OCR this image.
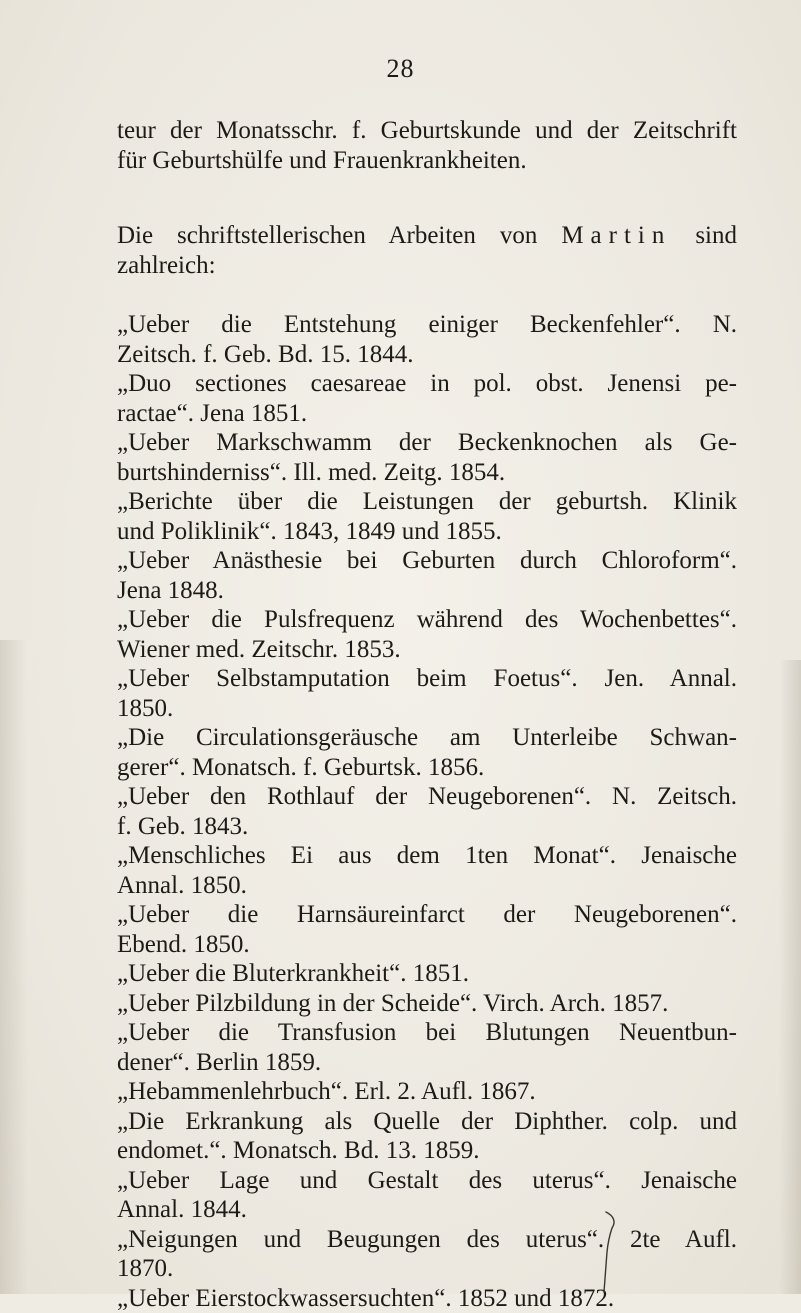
28
teur der Monatsschr. f. Geburtskunde und der Zeitschrift
für Geburtshülfe und Frauenkrankheiten.
Die schriftstellerischen Arbeiten von Martin sind
zahlreich:
„Ueber die Entstehung einiger Beckenfehler“. N.
Zeitsch. f. Geb. Bd. 15. 1844.
„Duo sectiones caesareae in pol. obst. Jenensi pe-
ractae“. Jena 1851.
„Ueber Markschwamm der Beckenknochen als Ge-
burtshinderniss“. Ill. med. Zeitg. 1854.
„Berichte über die Leistungen der geburtsh. Klinik
und Poliklinik“. 1843, 1849 und 1855.
„Ueber Anästhesie bei Geburten durch Chloroform“.
Jena 1848.
„Ueber die Pulsfrequenz während des Wochenbettes“.
Wiener med. Zeitschr. 1853.
„Ueber Selbstamputation beim Foetus“. Jen. Annal.
1850.
„Die Circulationsgeräusche am Unterleibe Schwan-
gerer“. Monatsch. f. Geburtsk. 1856.
„Ueber den Rothlauf der Neugeborenen“. N. Zeitsch.
f. Geb. 1843.
„Menschliches Ei aus dem 1ten Monat“. Jenaische
Annal. 1850.
„Ueber die Harnsäureinfarct der Neugeborenen“.
Ebend. 1850.
„Ueber die Bluterkrankheit“. 1851.
„Ueber Pilzbildung in der Scheide“. Virch. Arch. 1857.
„Ueber die Transfusion bei Blutungen Neuentbun-
dener“. Berlin 1859.
„Hebammenlehrbuch“. Erl. 2. Aufl. 1867.
„Die Erkrankung als Quelle der Diphther. colp. und
endomet.“. Monatsch. Bd. 13. 1859.
„Ueber Lage und Gestalt des uterus“. Jenaische
Annal. 1844.
„Neigungen und Beugungen des uterus“. 2te Aufl.
1870.
„Ueber Eierstockwassersuchten“. 1852 und 1872.
